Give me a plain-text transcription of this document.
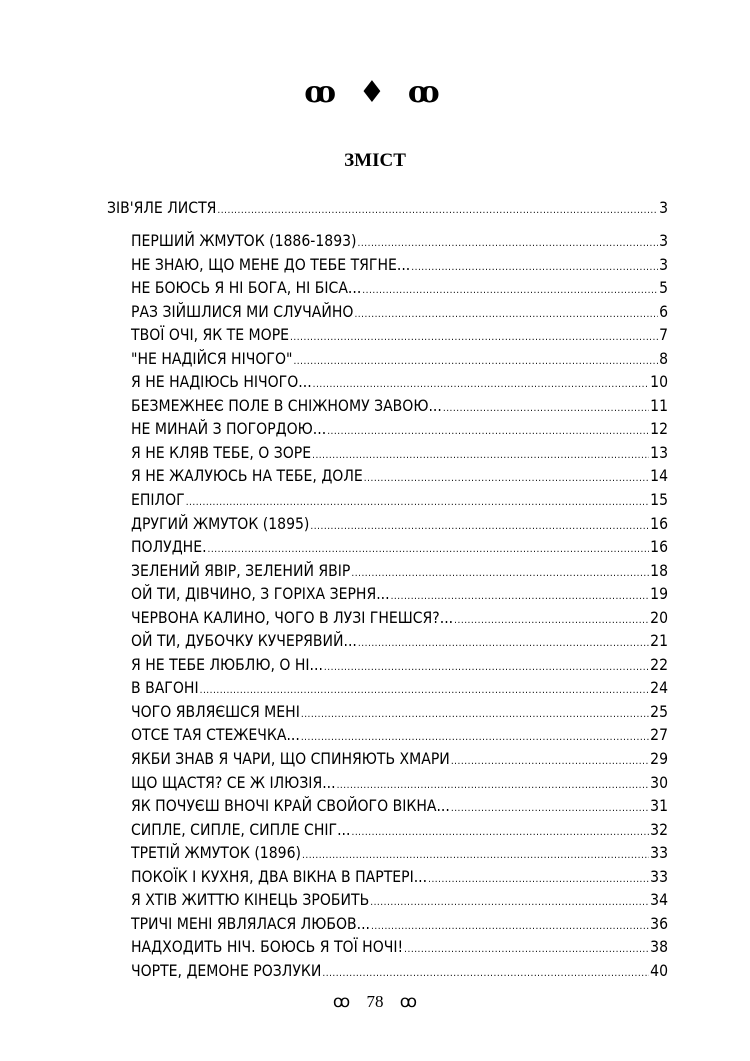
ꝏ ♦ ꝏ
ЗМІСТ
ЗІВ'ЯЛЕ ЛИСТЯ .....	3
ПЕРШИЙ ЖМУТОК (1886-1893) .....	3
НЕ ЗНАЮ, ЩО МЕНЕ ДО ТЕБЕ ТЯГНЕ... .....	3
НЕ БОЮСЬ Я НІ БОГА, НІ БІСА... .....	5
РАЗ ЗІЙШЛИСЯ МИ СЛУЧАЙНО .....	6
ТВОЇ ОЧІ, ЯК ТЕ МОРЕ .....	7
"НЕ НАДІЙСЯ НІЧОГО" .....	8
Я НЕ НАДІЮСЬ НІЧОГО... .....	10
БЕЗМЕЖНЕЄ ПОЛЕ В СНІЖНОМУ ЗАВОЮ... .....	11
НЕ МИНАЙ З ПОГОРДОЮ... .....	12
Я НЕ КЛЯВ ТЕБЕ, О ЗОРЕ .....	13
Я НЕ ЖАЛУЮСЬ НА ТЕБЕ, ДОЛЕ .....	14
ЕПІЛОГ .....	15
ДРУГИЙ ЖМУТОК (1895) .....	16
ПОЛУДНЕ. .....	16
ЗЕЛЕНИЙ ЯВІР, ЗЕЛЕНИЙ ЯВІР .....	18
ОЙ ТИ, ДІВЧИНО, З ГОРІХА ЗЕРНЯ... .....	19
ЧЕРВОНА КАЛИНО, ЧОГО В ЛУЗІ ГНЕШСЯ?... .....	20
ОЙ ТИ, ДУБОЧКУ КУЧЕРЯВИЙ... .....	21
Я НЕ ТЕБЕ ЛЮБЛЮ, О НІ... .....	22
В ВАГОНІ .....	24
ЧОГО ЯВЛЯЄШСЯ МЕНІ .....	25
ОТСЕ ТАЯ СТЕЖЕЧКА... .....	27
ЯКБИ ЗНАВ Я ЧАРИ, ЩО СПИНЯЮТЬ ХМАРИ .....	29
ЩО ЩАСТЯ? СЕ Ж ІЛЮЗІЯ... .....	30
ЯК ПОЧУЄШ ВНОЧІ КРАЙ СВОЙОГО ВІКНА... .....	31
СИПЛЕ, СИПЛЕ, СИПЛЕ СНІГ... .....	32
ТРЕТІЙ ЖМУТОК (1896) .....	33
ПОКОЇК І КУХНЯ, ДВА ВІКНА В ПАРТЕРІ... .....	33
Я ХТІВ ЖИТТЮ КІНЕЦЬ ЗРОБИТЬ .....	34
ТРИЧІ МЕНІ ЯВЛЯЛАСЯ ЛЮБОВ... .....	36
НАДХОДИТЬ НІЧ. БОЮСЬ Я ТОЇ НОЧІ! .....	38
ЧОРТЕ, ДЕМОНЕ РОЗЛУКИ .....	40
ꝏ 78 ꝏ
